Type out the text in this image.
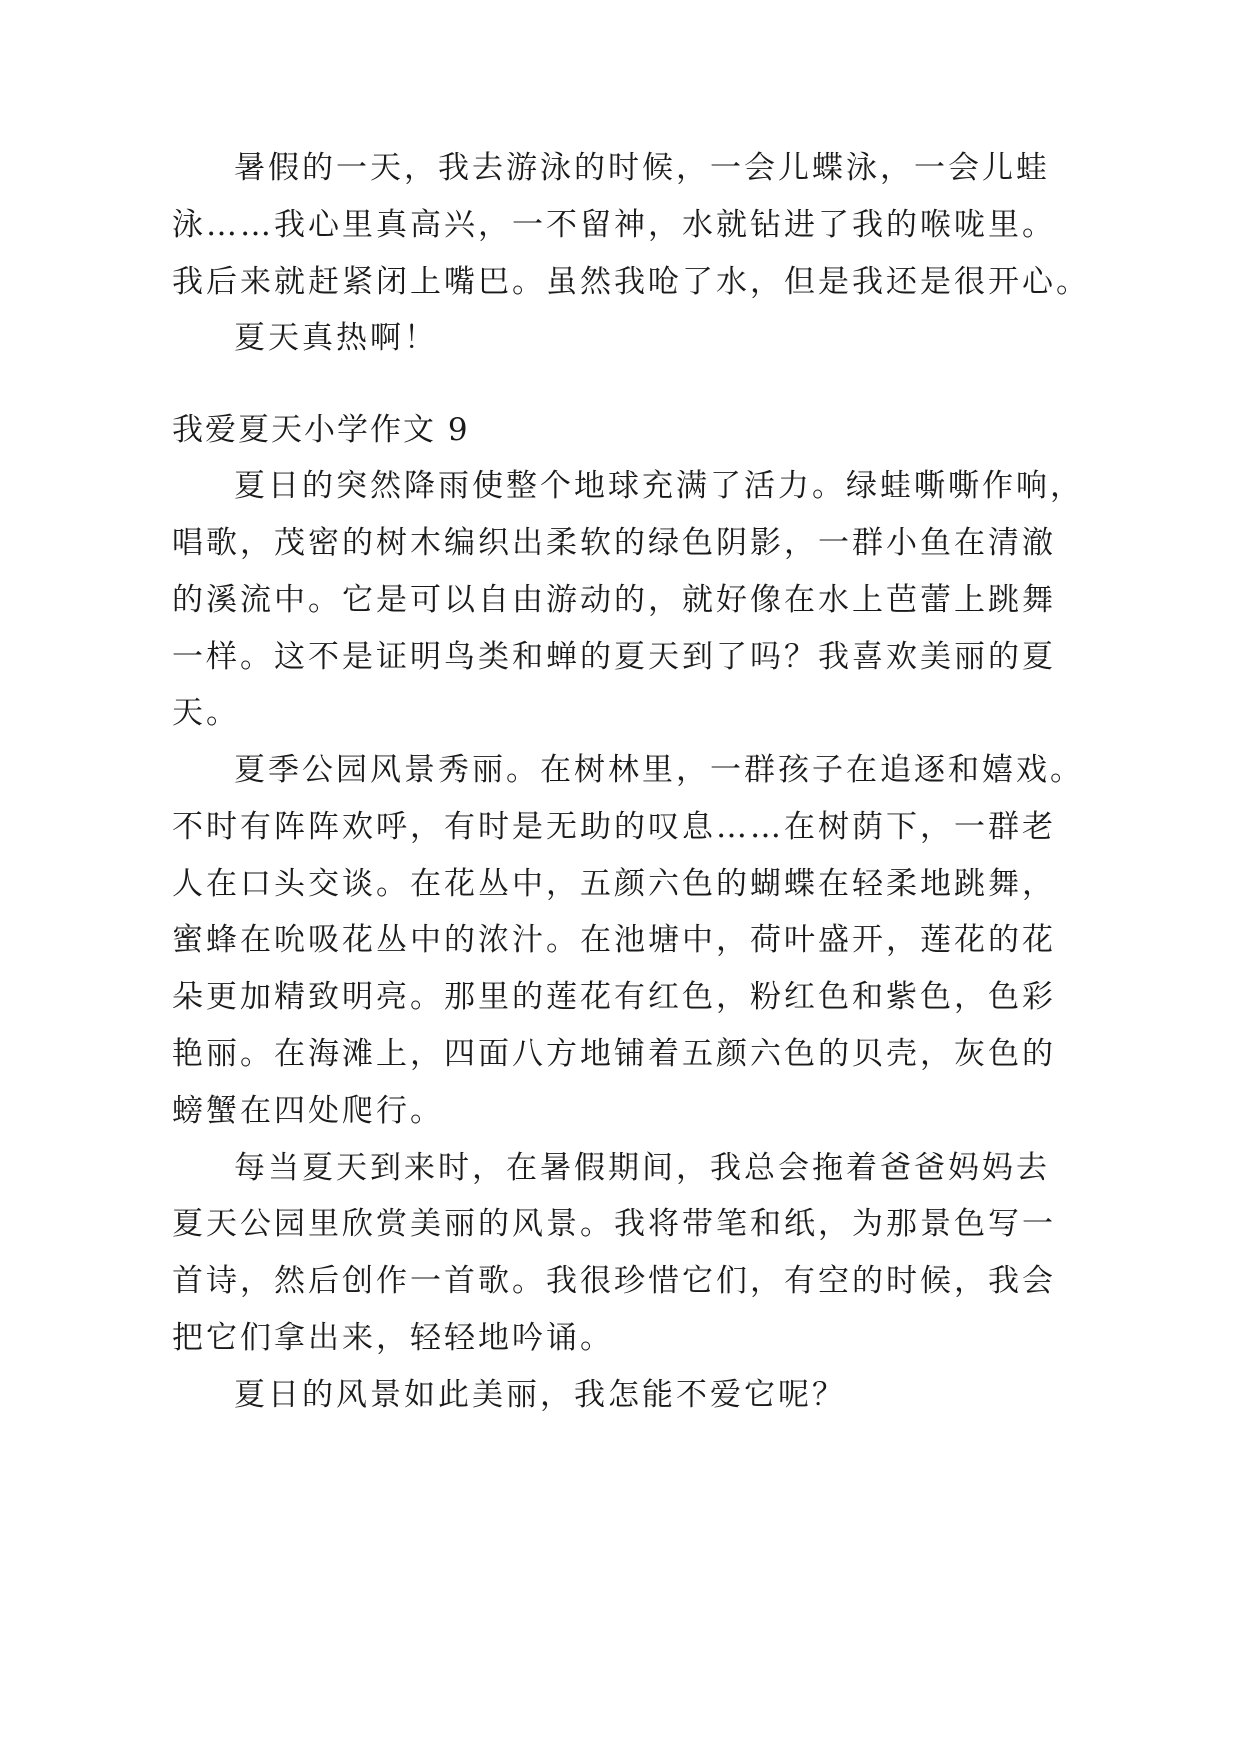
暑假的一天，我去游泳的时候，一会儿蝶泳，一会儿蛙
泳……我心里真高兴，一不留神，水就钻进了我的喉咙里。
我后来就赶紧闭上嘴巴。虽然我呛了水，但是我还是很开心。
夏天真热啊！
我爱夏天小学作文 9
夏日的突然降雨使整个地球充满了活力。绿蛙嘶嘶作响，
唱歌，茂密的树木编织出柔软的绿色阴影，一群小鱼在清澈
的溪流中。它是可以自由游动的，就好像在水上芭蕾上跳舞
一样。这不是证明鸟类和蝉的夏天到了吗？我喜欢美丽的夏
天。
夏季公园风景秀丽。在树林里，一群孩子在追逐和嬉戏。
不时有阵阵欢呼，有时是无助的叹息……在树荫下，一群老
人在口头交谈。在花丛中，五颜六色的蝴蝶在轻柔地跳舞，
蜜蜂在吮吸花丛中的浓汁。在池塘中，荷叶盛开，莲花的花
朵更加精致明亮。那里的莲花有红色，粉红色和紫色，色彩
艳丽。在海滩上，四面八方地铺着五颜六色的贝壳，灰色的
螃蟹在四处爬行。
每当夏天到来时，在暑假期间，我总会拖着爸爸妈妈去
夏天公园里欣赏美丽的风景。我将带笔和纸，为那景色写一
首诗，然后创作一首歌。我很珍惜它们，有空的时候，我会
把它们拿出来，轻轻地吟诵。
夏日的风景如此美丽，我怎能不爱它呢？
